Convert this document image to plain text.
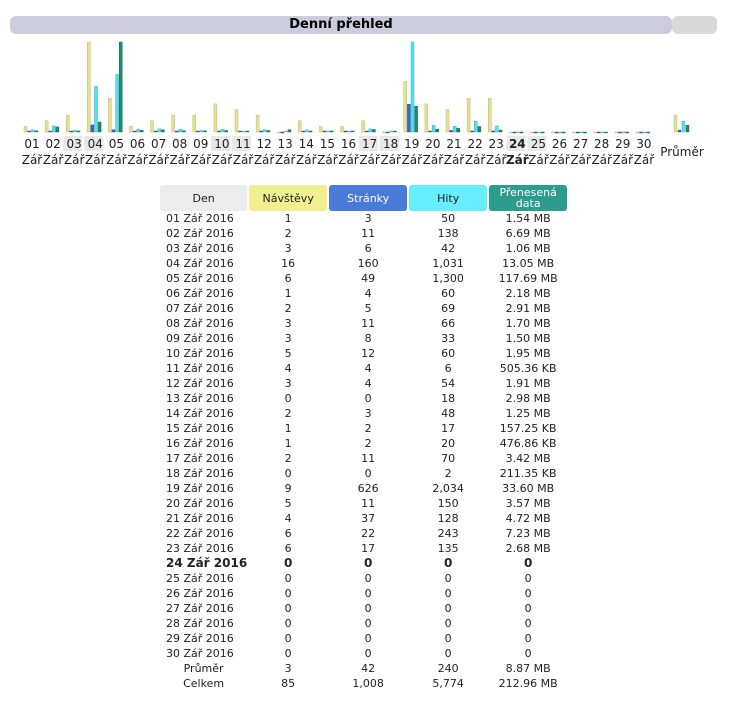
Denní přehled
01
Zář
02
Zář
03
Zář
04
Zář
05
Zář
06
Zář
07
Zář
08
Zář
09
Zář
10
Zář
11
Zář
12
Zář
13
Zář
14
Zář
15
Zář
16
Zář
17
Zář
18
Zář
19
Zář
20
Zář
21
Zář
22
Zář
23
Zář
24
Zář
25
Zář
26
Zář
27
Zář
28
Zář
29
Zář
30
Zář
Průměr
Den	Návštěvy	Stránky	Hity	Přenesená data
01 Zář 2016	1	3	50	1.54 MB
02 Zář 2016	2	11	138	6.69 MB
03 Zář 2016	3	6	42	1.06 MB
04 Zář 2016	16	160	1,031	13.05 MB
05 Zář 2016	6	49	1,300	117.69 MB
06 Zář 2016	1	4	60	2.18 MB
07 Zář 2016	2	5	69	2.91 MB
08 Zář 2016	3	11	66	1.70 MB
09 Zář 2016	3	8	33	1.50 MB
10 Zář 2016	5	12	60	1.95 MB
11 Zář 2016	4	4	6	505.36 KB
12 Zář 2016	3	4	54	1.91 MB
13 Zář 2016	0	0	18	2.98 MB
14 Zář 2016	2	3	48	1.25 MB
15 Zář 2016	1	2	17	157.25 KB
16 Zář 2016	1	2	20	476.86 KB
17 Zář 2016	2	11	70	3.42 MB
18 Zář 2016	0	0	2	211.35 KB
19 Zář 2016	9	626	2,034	33.60 MB
20 Zář 2016	5	11	150	3.57 MB
21 Zář 2016	4	37	128	4.72 MB
22 Zář 2016	6	22	243	7.23 MB
23 Zář 2016	6	17	135	2.68 MB
24 Zář 2016	0	0	0	0
25 Zář 2016	0	0	0	0
26 Zář 2016	0	0	0	0
27 Zář 2016	0	0	0	0
28 Zář 2016	0	0	0	0
29 Zář 2016	0	0	0	0
30 Zář 2016	0	0	0	0
Průměr	3	42	240	8.87 MB
Celkem	85	1,008	5,774	212.96 MB
